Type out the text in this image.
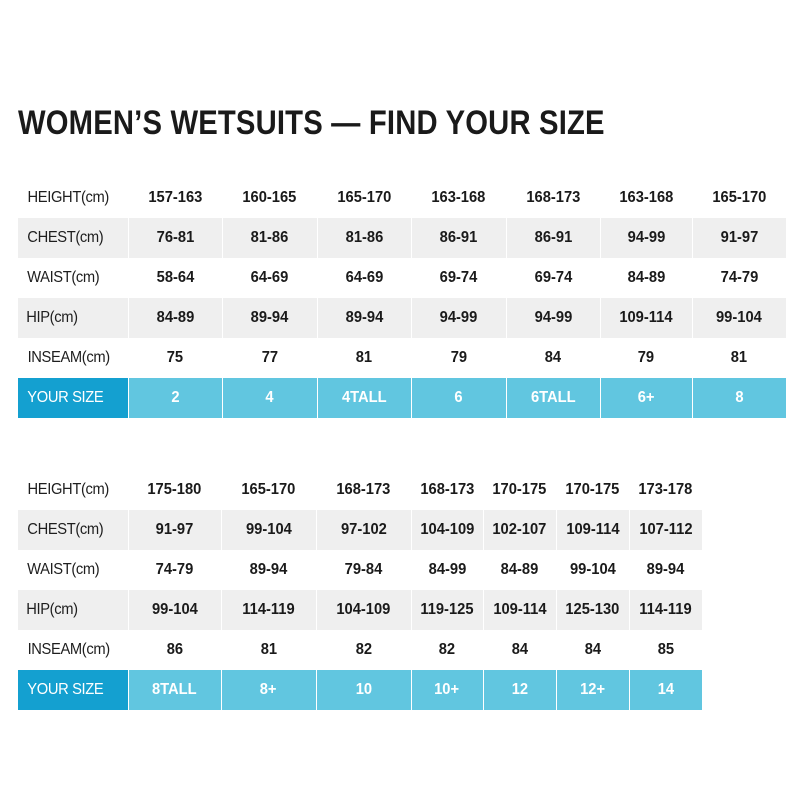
WOMEN’S WETSUITS — FIND YOUR SIZE
HEIGHT(cm)	157-163	160-165	165-170	163-168	168-173	163-168	165-170
CHEST(cm)	76-81	81-86	81-86	86-91	86-91	94-99	91-97
WAIST(cm)	58-64	64-69	64-69	69-74	69-74	84-89	74-79
HIP(cm)	84-89	89-94	89-94	94-99	94-99	109-114	99-104
INSEAM(cm)	75	77	81	79	84	79	81
YOUR SIZE	2	4	4TALL	6	6TALL	6+	8
HEIGHT(cm)	175-180	165-170	168-173	168-173	170-175	170-175	173-178
CHEST(cm)	91-97	99-104	97-102	104-109	102-107	109-114	107-112
WAIST(cm)	74-79	89-94	79-84	84-99	84-89	99-104	89-94
HIP(cm)	99-104	114-119	104-109	119-125	109-114	125-130	114-119
INSEAM(cm)	86	81	82	82	84	84	85
YOUR SIZE	8TALL	8+	10	10+	12	12+	14
